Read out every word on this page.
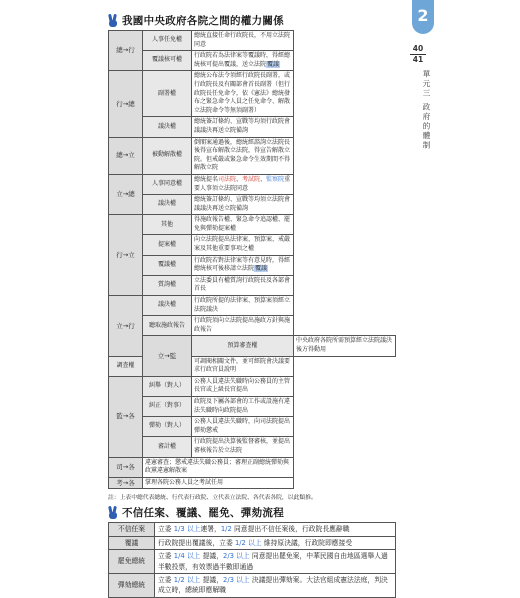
2
40
41
單元三 政府的體制
我國中央政府各院之間的權力關係
總→行	人事任免權	總統直接任命行政院長，不用立法院同意	
	覆議核可權	行政院若為法律案等覆議時，得經總統核可提出覆議，送立法院覆議	
行→總	副署權	總統公布法令須經行政院長副署，或行政院長及有關部會首長副署（但行政院長任免命令，依《憲法》總統發布之緊急命令人員之任免命令、解散立法院命令等無須副署）	
	議決權	總統簽訂條約、宣戰等均須行政院會議議決再送立院備詢	
總→立	被動解散權	倒閣案通過後，總統經諮詢立法院長後得宣布解散立法院，得宣告解散立院。但戒嚴或緊急命令生效期間不得解散立院	
立→總	人事同意權	總統提名司法院、考試院、監察院重要人事須立法院同意	
	議決權	總統簽訂條約、宣戰等均須立法院會議議決再送立院備詢	
行→立	其他	得施政報告權、緊急命令追認權、罷免與彈劾提案權	
	提案權	向立法院提出法律案、預算案、戒嚴案及其他重要事項之權	
	覆議權	行政院若對法律案等有意見時，得經總統核可後移請立法院覆議	
	質詢權	立法委員有權質詢行政院長及各部會首長	
立→行	議決權	行政院所提的法律案、預算案須經立法院議決	
	聽取施政報告	行政院須向立法院提出施政方針與施政報告	
	立→監	預算審查權	中央政府各院所需預算經立法院議決後方得動用
調查權		可調閱相關文件，並可經院會決議要求行政官員說明	
監→各	糾舉（對人）	公務人員違法失職時向公務員的主管長官或上級長官提出	
	糾正（對事）	政院及下屬各部會的工作或設施有違法失職時向政院提出	
	彈劾（對人）	公務人員違法失職時，向司法院提出彈劾懲戒	
	審計權	行政院提出決算後監督審核，並提出審核報告於立法院	
司→各	違憲審查；懲戒違法失職公務員；審理正副總統彈劾與政黨違憲解散案		
考→各	掌理各院公務人員之考試任用		
註：上表中總代表總統、行代表行政院、立代表立法院、各代表各院，以此類推。
不信任案、覆議、罷免、彈劾流程
不信任案	立委 1/3 以上連署，1/2 同意提出不信任案後，行政院長應辭職
覆議	行政院提出覆議後，立委 1/2 以上 維持原決議，行政院即應接受
罷免總統	立委 1/4 以上 提議，2/3 以上 同意提出罷免案，中華民國自由地區選舉人過半數投票，有效票過半數即通過
彈劾總統	立委 1/2 以上 提議，2/3 以上 決議提出彈劾案。大法官組成憲法法庭，判決成立時，總統即應解職
